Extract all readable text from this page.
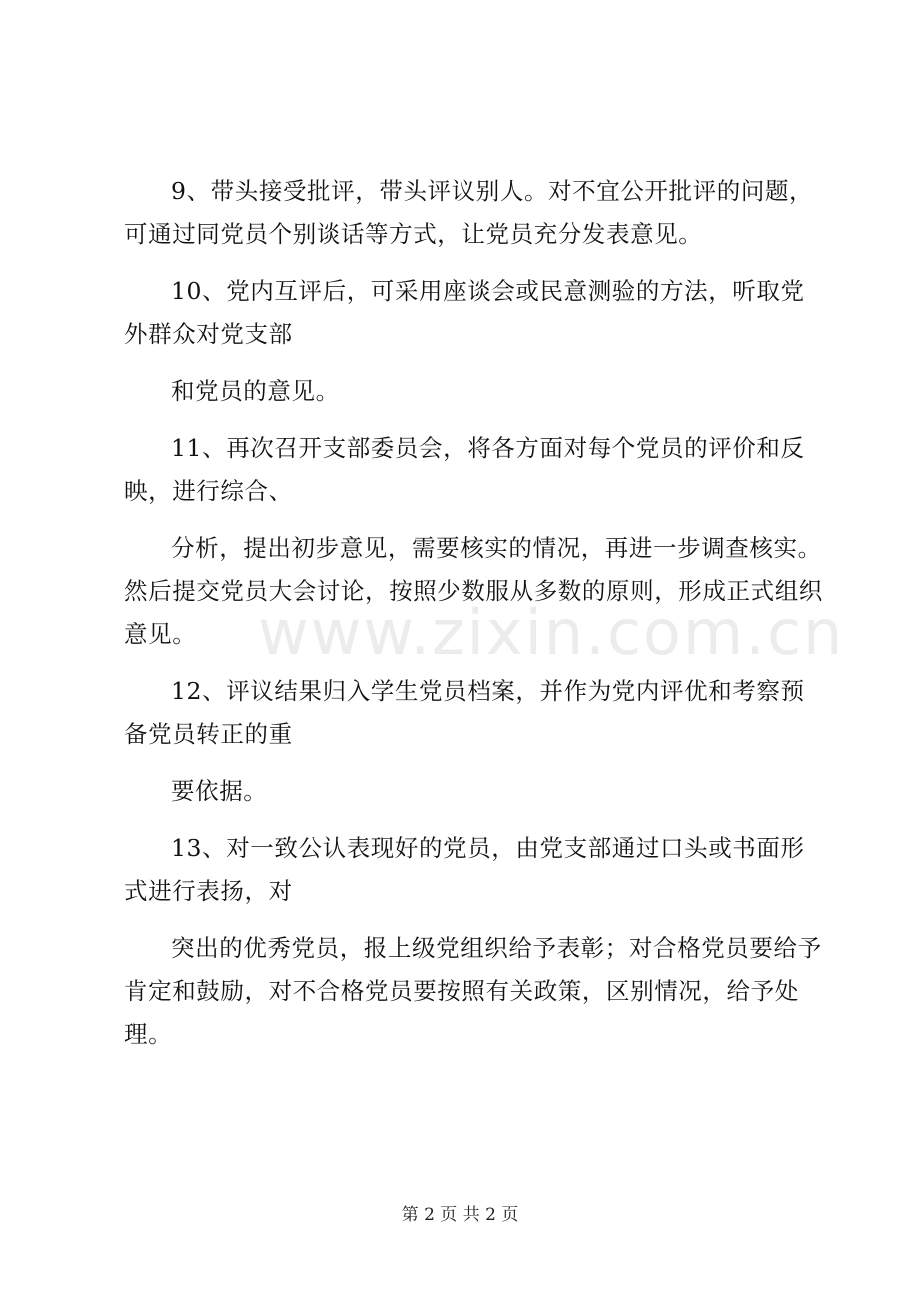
www.zixin.com.cn

9、带头接受批评，带头评议别人。对不宜公开批评的问题，可通过同党员个别谈话等方式，让党员充分发表意见。

10、党内互评后，可采用座谈会或民意测验的方法，听取党外群众对党支部

和党员的意见。

11、再次召开支部委员会，将各方面对每个党员的评价和反映，进行综合、

分析，提出初步意见，需要核实的情况，再进一步调查核实。然后提交党员大会讨论，按照少数服从多数的原则，形成正式组织意见。

12、评议结果归入学生党员档案，并作为党内评优和考察预备党员转正的重

要依据。

13、对一致公认表现好的党员，由党支部通过口头或书面形式进行表扬，对

突出的优秀党员，报上级党组织给予表彰；对合格党员要给予肯定和鼓励，对不合格党员要按照有关政策，区别情况，给予处理。

第 2 页 共 2 页
